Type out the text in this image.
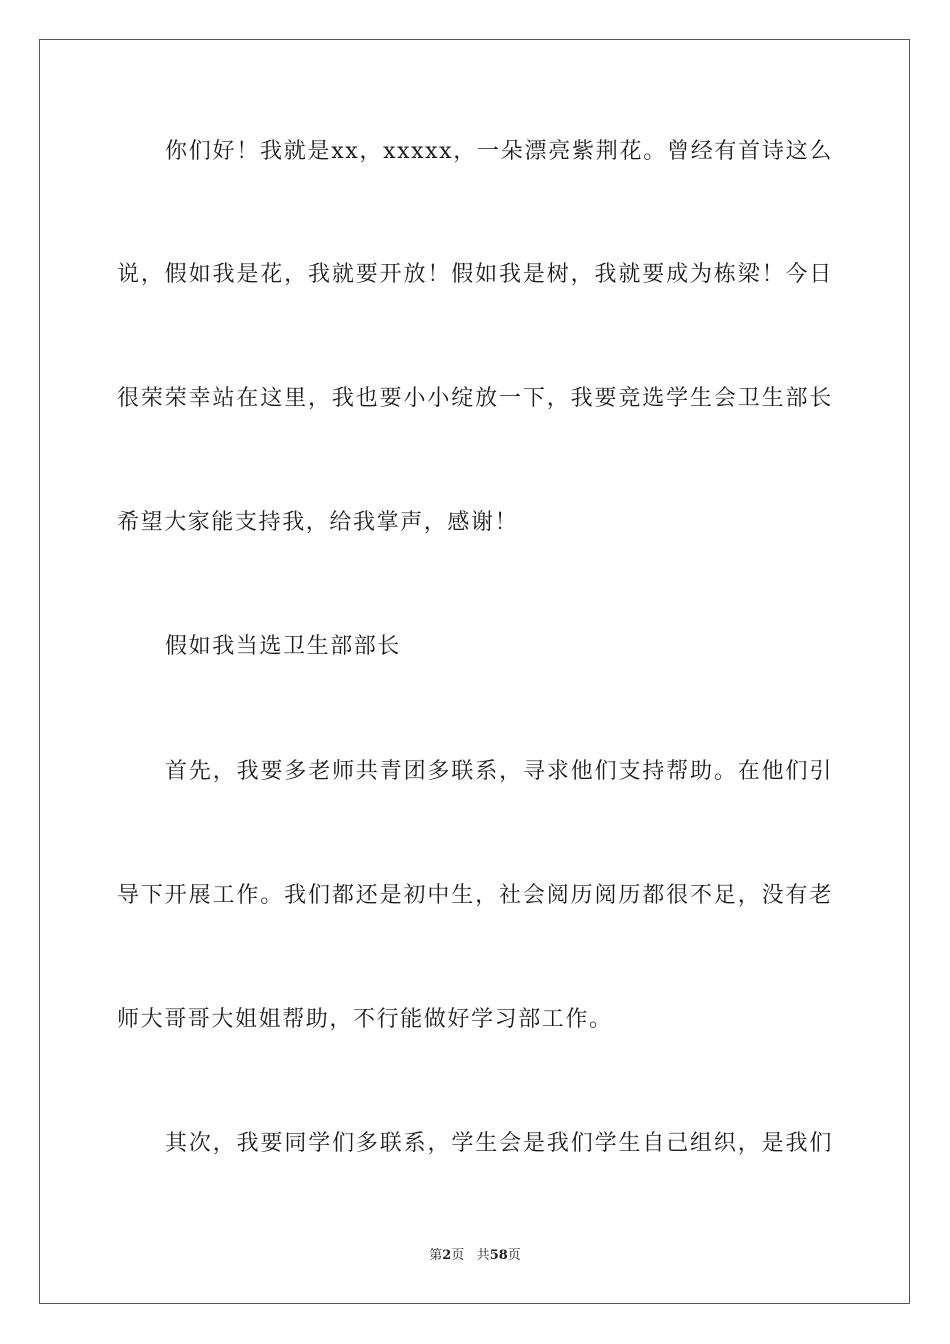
你们好！我就是xx，xxxxx，一朵漂亮紫荆花。曾经有首诗这么
说，假如我是花，我就要开放！假如我是树，我就要成为栋梁！今日
很荣荣幸站在这里，我也要小小绽放一下，我要竞选学生会卫生部长
希望大家能支持我，给我掌声，感谢！
假如我当选卫生部部长
首先，我要多老师共青团多联系，寻求他们支持帮助。在他们引
导下开展工作。我们都还是初中生，社会阅历阅历都很不足，没有老
师大哥哥大姐姐帮助，不行能做好学习部工作。
其次，我要同学们多联系，学生会是我们学生自己组织，是我们
第2页 共58页
